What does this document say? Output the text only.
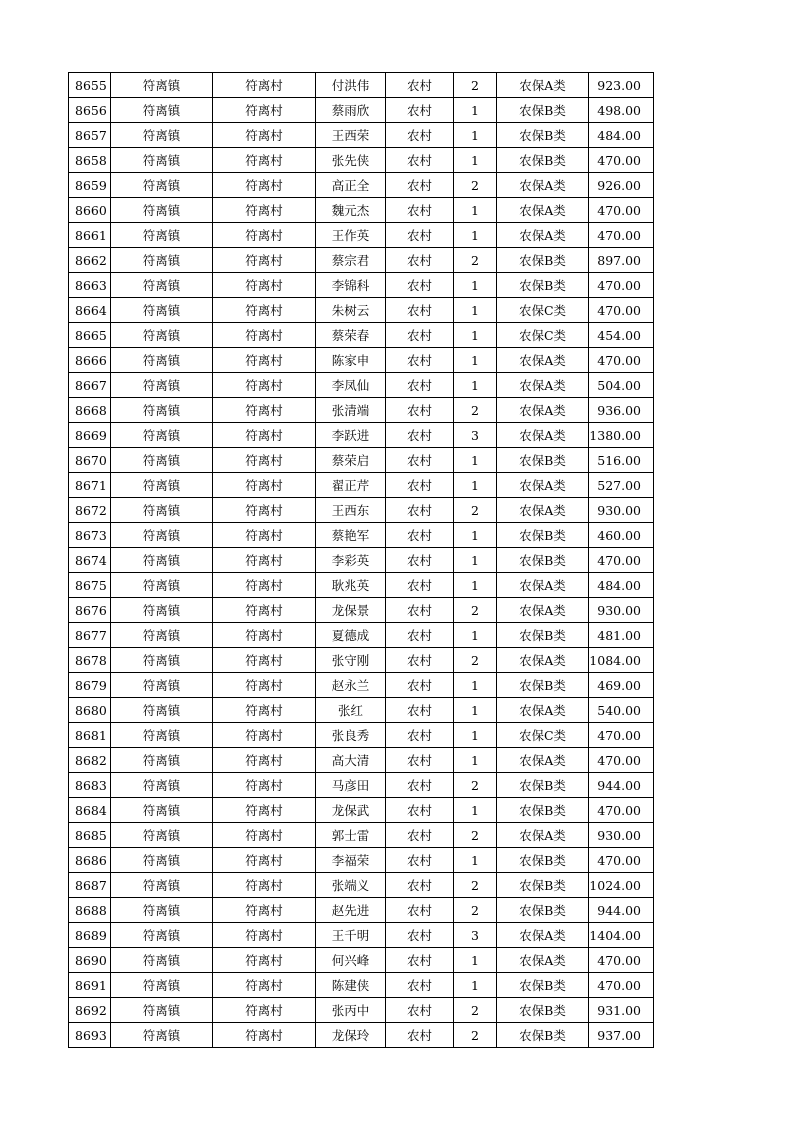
8655	符离镇	符离村	付洪伟	农村	2	农保A类	923.00
8656	符离镇	符离村	蔡雨欣	农村	1	农保B类	498.00
8657	符离镇	符离村	王西荣	农村	1	农保B类	484.00
8658	符离镇	符离村	张先侠	农村	1	农保B类	470.00
8659	符离镇	符离村	高正全	农村	2	农保A类	926.00
8660	符离镇	符离村	魏元杰	农村	1	农保A类	470.00
8661	符离镇	符离村	王作英	农村	1	农保A类	470.00
8662	符离镇	符离村	蔡宗君	农村	2	农保B类	897.00
8663	符离镇	符离村	李锦科	农村	1	农保B类	470.00
8664	符离镇	符离村	朱树云	农村	1	农保C类	470.00
8665	符离镇	符离村	蔡荣春	农村	1	农保C类	454.00
8666	符离镇	符离村	陈家申	农村	1	农保A类	470.00
8667	符离镇	符离村	李凤仙	农村	1	农保A类	504.00
8668	符离镇	符离村	张清端	农村	2	农保A类	936.00
8669	符离镇	符离村	李跃进	农村	3	农保A类	1380.00
8670	符离镇	符离村	蔡荣启	农村	1	农保B类	516.00
8671	符离镇	符离村	翟正芹	农村	1	农保A类	527.00
8672	符离镇	符离村	王西东	农村	2	农保A类	930.00
8673	符离镇	符离村	蔡艳军	农村	1	农保B类	460.00
8674	符离镇	符离村	李彩英	农村	1	农保B类	470.00
8675	符离镇	符离村	耿兆英	农村	1	农保A类	484.00
8676	符离镇	符离村	龙保景	农村	2	农保A类	930.00
8677	符离镇	符离村	夏德成	农村	1	农保B类	481.00
8678	符离镇	符离村	张守刚	农村	2	农保A类	1084.00
8679	符离镇	符离村	赵永兰	农村	1	农保B类	469.00
8680	符离镇	符离村	张红	农村	1	农保A类	540.00
8681	符离镇	符离村	张良秀	农村	1	农保C类	470.00
8682	符离镇	符离村	高大清	农村	1	农保A类	470.00
8683	符离镇	符离村	马彦田	农村	2	农保B类	944.00
8684	符离镇	符离村	龙保武	农村	1	农保B类	470.00
8685	符离镇	符离村	郭士雷	农村	2	农保A类	930.00
8686	符离镇	符离村	李福荣	农村	1	农保B类	470.00
8687	符离镇	符离村	张端义	农村	2	农保B类	1024.00
8688	符离镇	符离村	赵先进	农村	2	农保B类	944.00
8689	符离镇	符离村	王千明	农村	3	农保A类	1404.00
8690	符离镇	符离村	何兴峰	农村	1	农保A类	470.00
8691	符离镇	符离村	陈建侠	农村	1	农保B类	470.00
8692	符离镇	符离村	张丙中	农村	2	农保B类	931.00
8693	符离镇	符离村	龙保玲	农村	2	农保B类	937.00
